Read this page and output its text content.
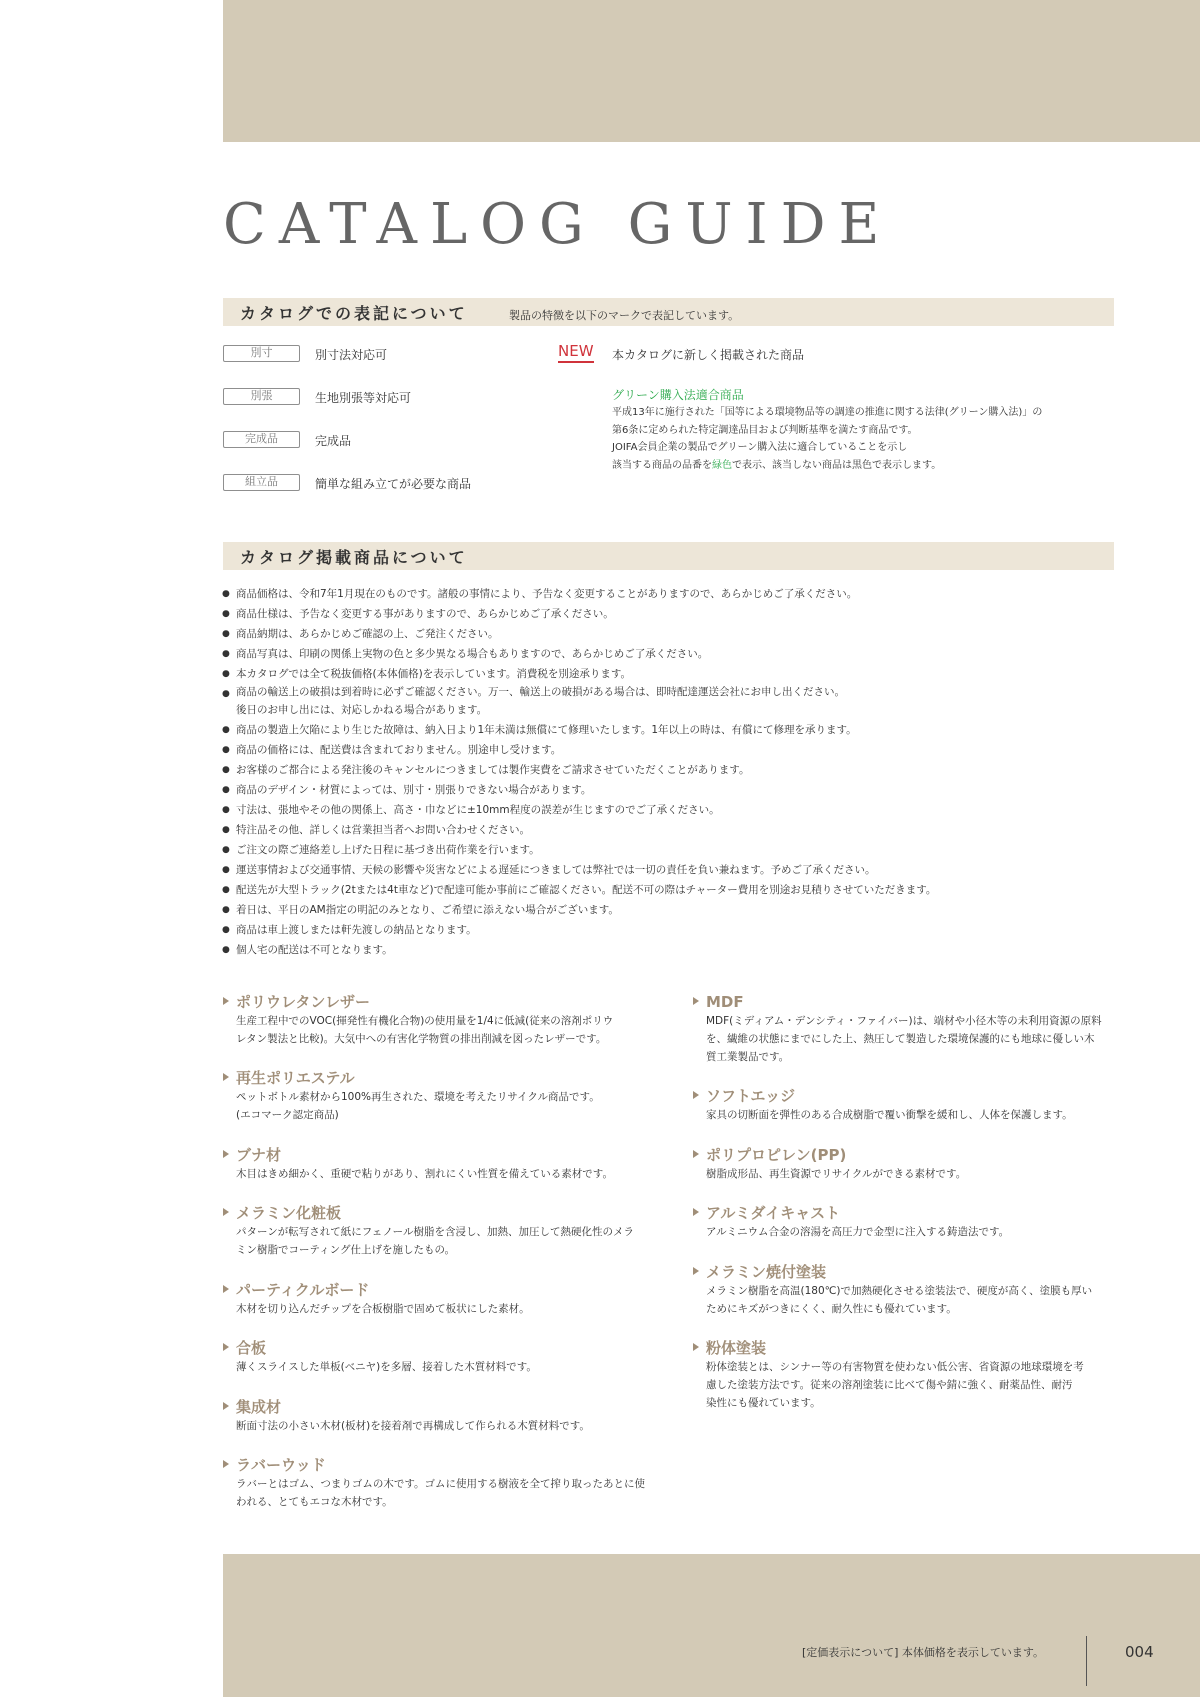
CATALOG GUIDE
カタログでの表記について	製品の特徴を以下のマークで表記しています。
別寸	別寸法対応可
別張	生地別張等対応可
完成品	完成品
組立品	簡単な組み立てが必要な商品
NEW 本カタログに新しく掲載された商品
グリーン購入法適合商品
平成13年に施行された「国等による環境物品等の調達の推進に関する法律(グリーン購入法)」の
第6条に定められた特定調達品目および判断基準を満たす商品です。
JOIFA会員企業の製品でグリーン購入法に適合していることを示し
該当する商品の品番を緑色で表示、該当しない商品は黒色で表示します。
カタログ掲載商品について
● 商品価格は、令和7年1月現在のものです。諸般の事情により、予告なく変更することがありますので、あらかじめご了承ください。
● 商品仕様は、予告なく変更する事がありますので、あらかじめご了承ください。
● 商品納期は、あらかじめご確認の上、ご発注ください。
● 商品写真は、印刷の関係上実物の色と多少異なる場合もありますので、あらかじめご了承ください。
● 本カタログでは全て税抜価格(本体価格)を表示しています。消費税を別途承ります。
● 商品の輸送上の破損は到着時に必ずご確認ください。万一、輸送上の破損がある場合は、即時配達運送会社にお申し出ください。
後日のお申し出には、対応しかねる場合があります。
● 商品の製造上欠陥により生じた故障は、納入日より1年未満は無償にて修理いたします。1年以上の時は、有償にて修理を承ります。
● 商品の価格には、配送費は含まれておりません。別途申し受けます。
● お客様のご都合による発注後のキャンセルにつきましては製作実費をご請求させていただくことがあります。
● 商品のデザイン・材質によっては、別寸・別張りできない場合があります。
● 寸法は、張地やその他の関係上、高さ・巾などに±10mm程度の誤差が生じますのでご了承ください。
● 特注品その他、詳しくは営業担当者へお問い合わせください。
● ご注文の際ご連絡差し上げた日程に基づき出荷作業を行います。
● 運送事情および交通事情、天候の影響や災害などによる遅延につきましては弊社では一切の責任を負い兼ねます。予めご了承ください。
● 配送先が大型トラック(2tまたは4t車など)で配達可能か事前にご確認ください。配送不可の際はチャーター費用を別途お見積りさせていただきます。
● 着日は、平日のAM指定の明記のみとなり、ご希望に添えない場合がございます。
● 商品は車上渡しまたは軒先渡しの納品となります。
● 個人宅の配送は不可となります。
ポリウレタンレザー
生産工程中でのVOC(揮発性有機化合物)の使用量を1/4に低減(従来の溶剤ポリウ
レタン製法と比較)。大気中への有害化学物質の排出削減を図ったレザーです。
再生ポリエステル
ペットボトル素材から100%再生された、環境を考えたリサイクル商品です。
(エコマーク認定商品)
ブナ材
木目はきめ細かく、重硬で粘りがあり、割れにくい性質を備えている素材です。
メラミン化粧板
パターンが転写されて紙にフェノール樹脂を含浸し、加熱、加圧して熱硬化性のメラ
ミン樹脂でコーティング仕上げを施したもの。
パーティクルボード
木材を切り込んだチップを合板樹脂で固めて板状にした素材。
合板
薄くスライスした単板(ベニヤ)を多層、接着した木質材料です。
集成材
断面寸法の小さい木材(板材)を接着剤で再構成して作られる木質材料です。
ラバーウッド
ラバーとはゴム、つまりゴムの木です。ゴムに使用する樹液を全て搾り取ったあとに使
われる、とてもエコな木材です。
MDF
MDF(ミディアム・デンシティ・ファイバー)は、端材や小径木等の未利用資源の原料
を、繊維の状態にまでにした上、熱圧して製造した環境保護的にも地球に優しい木
質工業製品です。
ソフトエッジ
家具の切断面を弾性のある合成樹脂で覆い衝撃を緩和し、人体を保護します。
ポリプロピレン(PP)
樹脂成形品、再生資源でリサイクルができる素材です。
アルミダイキャスト
アルミニウム合金の溶湯を高圧力で金型に注入する鋳造法です。
メラミン焼付塗装
メラミン樹脂を高温(180℃)で加熱硬化させる塗装法で、硬度が高く、塗膜も厚い
ためにキズがつきにくく、耐久性にも優れています。
粉体塗装
粉体塗装とは、シンナー等の有害物質を使わない低公害、省資源の地球環境を考
慮した塗装方法です。従来の溶剤塗装に比べて傷や錆に強く、耐薬品性、耐汚
染性にも優れています。
[定価表示について] 本体価格を表示しています。	004
